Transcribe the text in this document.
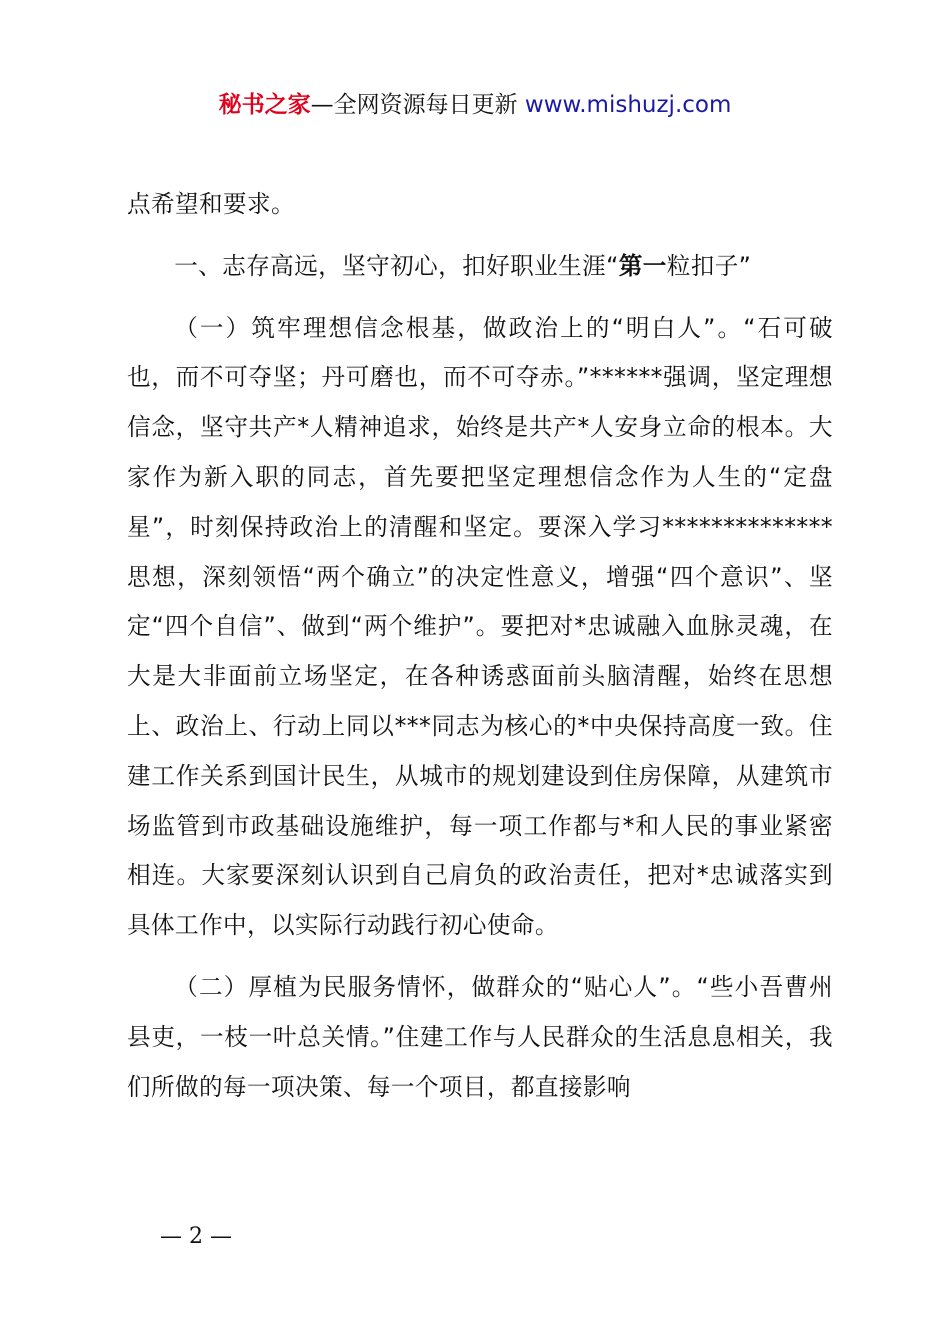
秘书之家—全网资源每日更新 www.mishuzj.com

点希望和要求。

一、志存高远，坚守初心，扣好职业生涯“第一粒扣子”

（一）筑牢理想信念根基，做政治上的“明白人”。“石可破也，而不可夺坚；丹可磨也，而不可夺赤。”******强调，坚定理想信念，坚守共产*人精神追求，始终是共产*人安身立命的根本。大家作为新入职的同志，首先要把坚定理想信念作为人生的“定盘星”，时刻保持政治上的清醒和坚定。要深入学习**************思想，深刻领悟“两个确立”的决定性意义，增强“四个意识”、坚定“四个自信”、做到“两个维护”。要把对*忠诚融入血脉灵魂，在大是大非面前立场坚定，在各种诱惑面前头脑清醒，始终在思想上、政治上、行动上同以***同志为核心的*中央保持高度一致。住建工作关系到国计民生，从城市的规划建设到住房保障，从建筑市场监管到市政基础设施维护，每一项工作都与*和人民的事业紧密相连。大家要深刻认识到自己肩负的政治责任，把对*忠诚落实到具体工作中，以实际行动践行初心使命。

（二）厚植为民服务情怀，做群众的“贴心人”。“些小吾曹州县吏，一枝一叶总关情。”住建工作与人民群众的生活息息相关，我们所做的每一项决策、每一个项目，都直接影响

— 2 —
